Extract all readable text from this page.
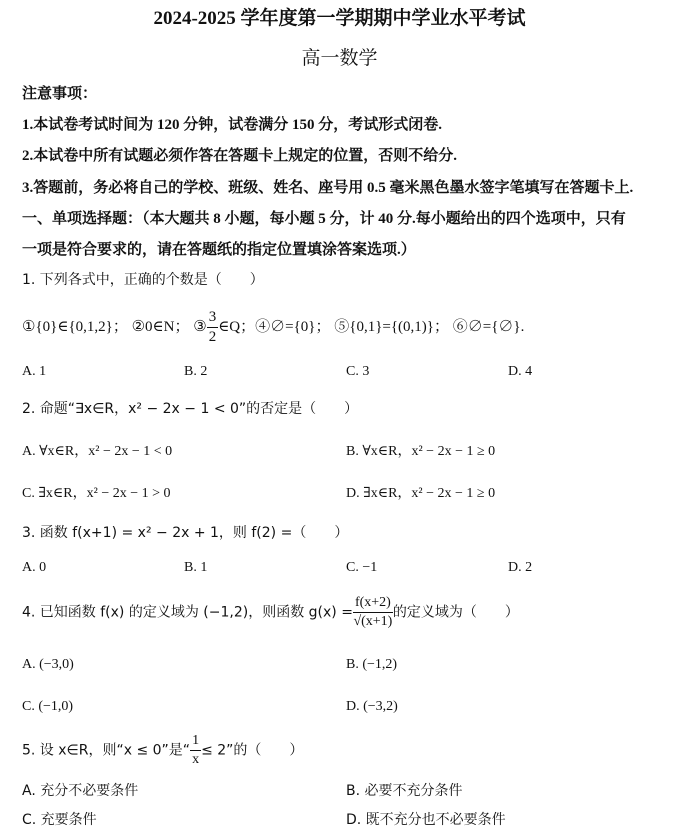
2024-2025 学年度第一学期期中学业水平考试
高一数学
注意事项：
1.本试卷考试时间为 120 分钟，试卷满分 150 分，考试形式闭卷.
2.本试卷中所有试题必须作答在答题卡上规定的位置，否则不给分.
3.答题前，务必将自己的学校、班级、姓名、座号用 0.5 毫米黑色墨水签字笔填写在答题卡上.
一、单项选择题：（本大题共 8 小题，每小题 5 分，计 40 分.每小题给出的四个选项中，只有
一项是符合要求的，请在答题纸的指定位置填涂答案选项.）
1. 下列各式中，正确的个数是（　　）
①{0}∈{0,1,2}； ②0∈N； ③ $\frac{3}{2}$ ∈Q；④∅={0}； ⑤{0,1}={(0,1)}； ⑥∅={∅}.
A. 1	B. 2	C. 3	D. 4
2. 命题“∃x∈R，x² − 2x − 1 < 0”的否定是（　　）
A. ∀x∈R，x² − 2x − 1 < 0	B. ∀x∈R，x² − 2x − 1 ≥ 0
C. ∃x∈R，x² − 2x − 1 > 0	D. ∃x∈R，x² − 2x − 1 ≥ 0
3. 函数 f(x+1) = x² − 2x + 1，则 f(2) =（　　）
A. 0	B. 1	C. −1	D. 2
4. 已知函数 f(x) 的定义域为 (−1,2)，则函数 $g(x) = \frac{f(x+2)}{√(x+1)}$ 的定义域为（　　）
A. (−3,0)	B. (−1,2)
C. (−1,0)	D. (−3,2)
5. 设 x∈R，则“x ≤ 0”是“ $\frac{1}{x} \le 2$”的（　　）
A. 充分不必要条件	B. 必要不充分条件
C. 充要条件	D. 既不充分也不必要条件
